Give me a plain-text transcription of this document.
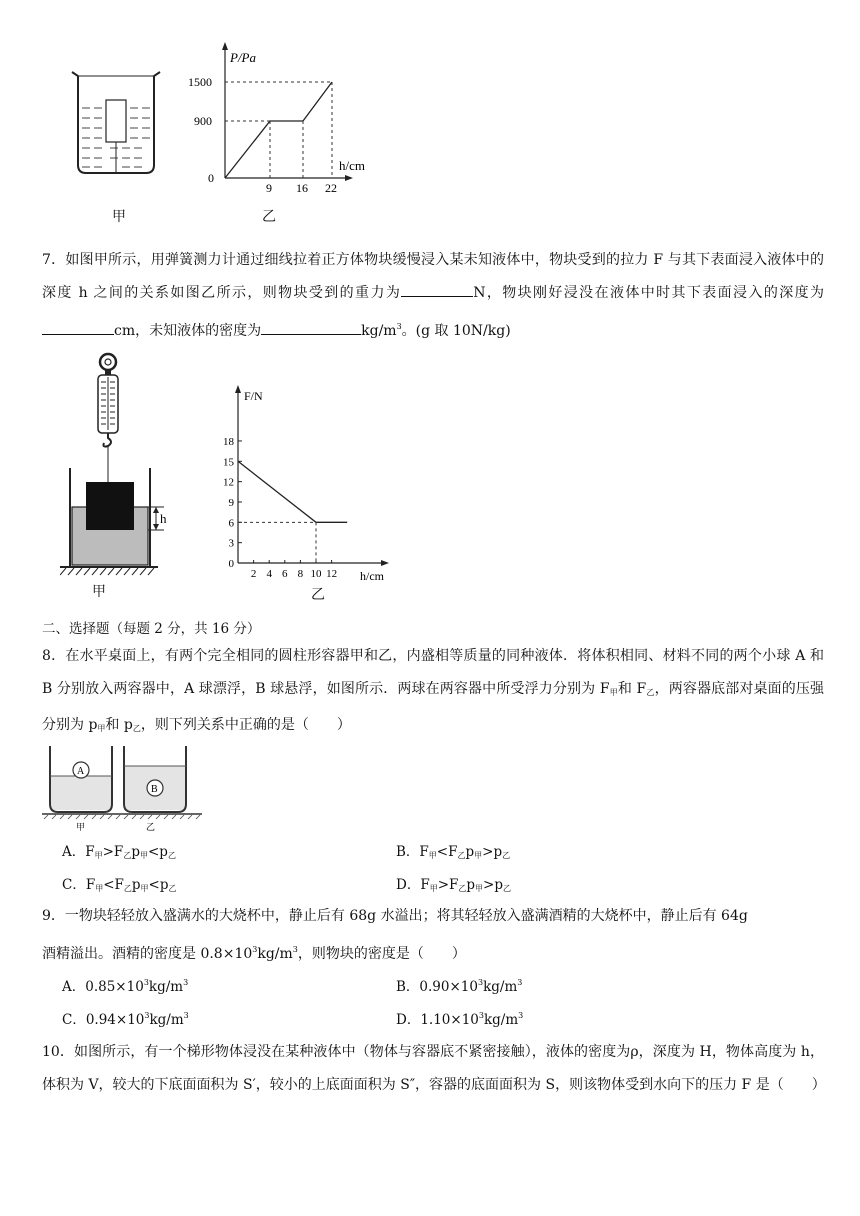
P/Pa
h/cm
0
900
1500
9 16 22
甲	乙
7．如图甲所示，用弹簧测力计通过细线拉着正方体物块缓慢浸入某未知液体中，物块受到的拉力 F 与其下表面浸入液体中的深度 h 之间的关系如图乙所示，则物块受到的重力为	N，物块刚好浸没在液体中时其下表面浸入的深度为cm，未知液体的密度为	$kg/m^3$。(g 取 10N/kg)
h
甲
F/N
h/cm
0
3
6
9
12
15
18
2 4 6 8 10 12
乙
二、选择题（每题 2 分，共 16 分）
8．在水平桌面上，有两个完全相同的圆柱形容器甲和乙，内盛相等质量的同种液体．将体积相同、材料不同的两个小球 A 和 B 分别放入两容器中，A 球漂浮，B 球悬浮，如图所示．两球在两容器中所受浮力分别为 $F_甲$和 $F_乙$，两容器底部对桌面的压强分别为 $p_甲$和 $p_乙$，则下列关系中正确的是（　　）
A
B
甲	乙
A．$F_甲>F_乙p_甲<p_乙$	B．$F_甲<F_乙p_甲>p_乙$
C．$F_甲<F_乙p_甲<p_乙$	D．$F_甲>F_乙p_甲>p_乙$
9．一物块轻轻放入盛满水的大烧杯中，静止后有 68g 水溢出；将其轻轻放入盛满酒精的大烧杯中，静止后有 64g
酒精溢出。酒精的密度是 $0.8\times 10^3kg/m^3$，则物块的密度是（　　）
A．$0.85\times 10^3kg/m^3$	B．$0.90\times 10^3kg/m^3$
C．$0.94\times 10^3kg/m^3$	D．$1.10\times 10^3kg/m^3$
10．如图所示，有一个梯形物体浸没在某种液体中（物体与容器底不紧密接触），液体的密度为ρ，深度为 H，物体高度为 h，体积为 V，较大的下底面面积为 S′，较小的上底面面积为 S″，容器的底面面积为 S，则该物体受到水向下的压力 F 是（　　）
